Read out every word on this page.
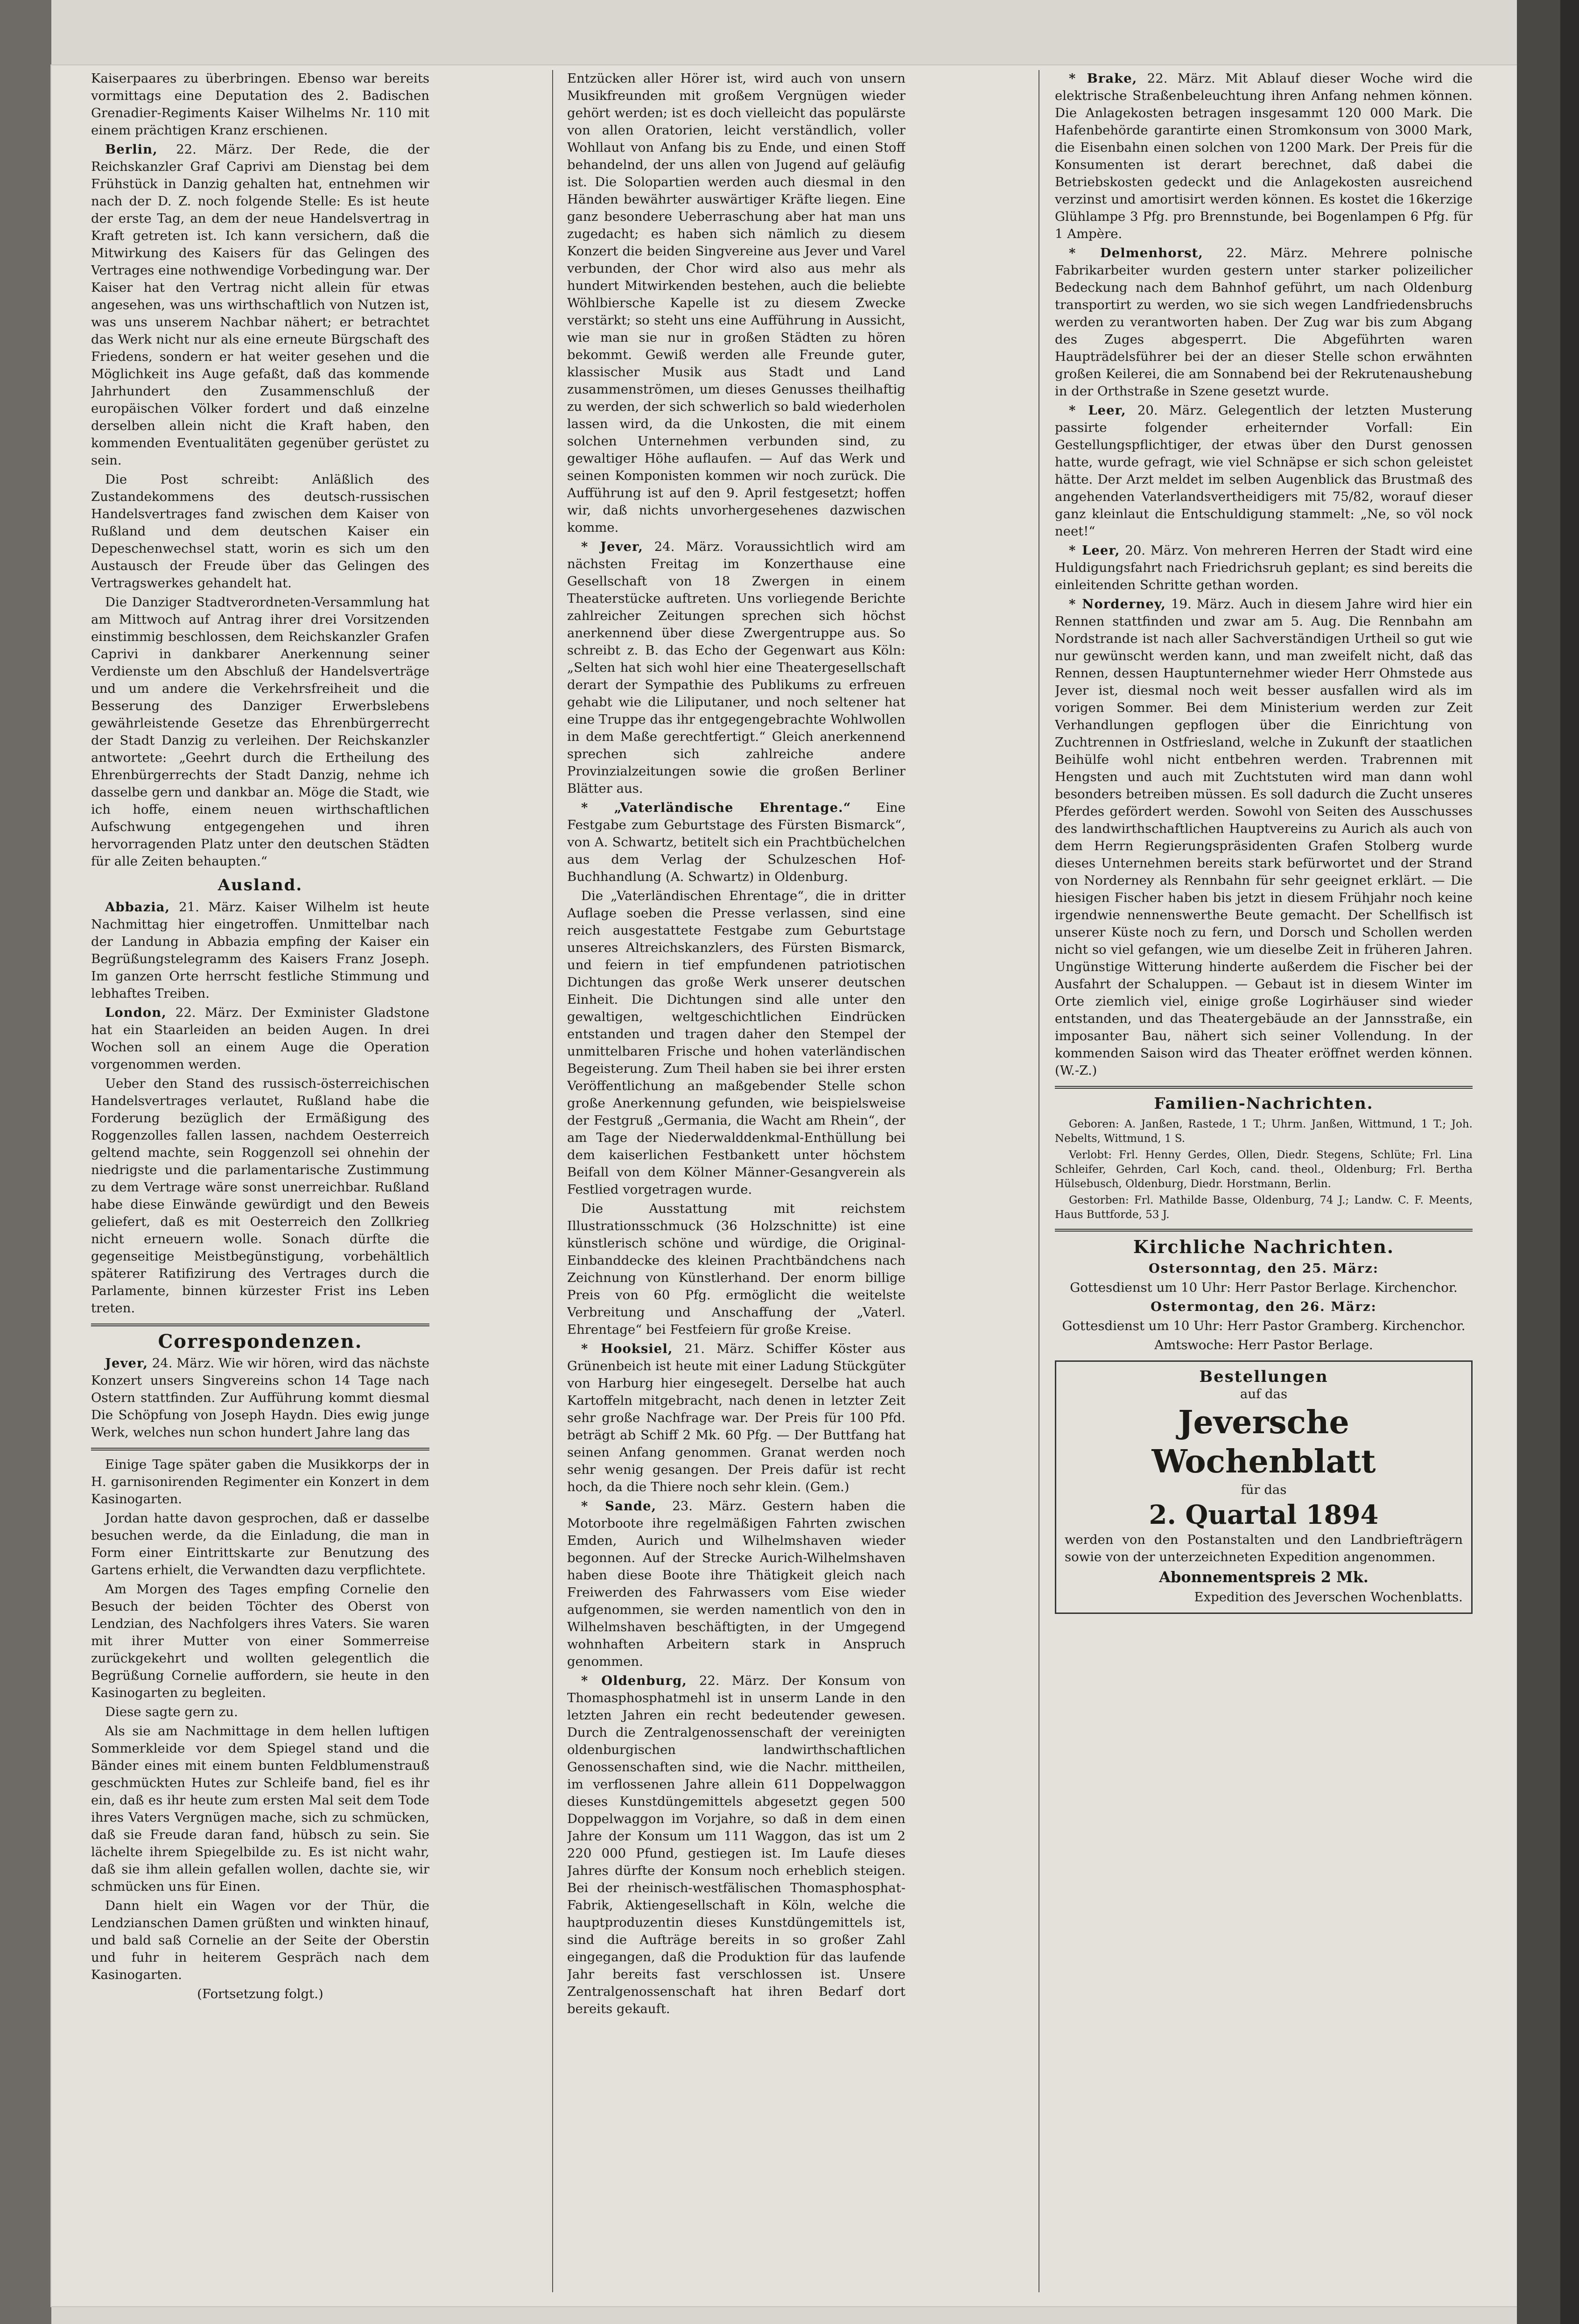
Kaiserpaares zu überbringen. Ebenso war bereits vormittags eine Deputation des 2. Badischen Grenadier-Regiments Kaiser Wilhelms Nr. 110 mit einem prächtigen Kranz erschienen.

Berlin, 22. März. Der Rede, die der Reichskanzler Graf Caprivi am Dienstag bei dem Frühstück in Danzig gehalten hat, entnehmen wir nach der D. Z. noch folgende Stelle: Es ist heute der erste Tag, an dem der neue Handelsvertrag in Kraft getreten ist. Ich kann versichern, daß die Mitwirkung des Kaisers für das Gelingen des Vertrages eine nothwendige Vorbedingung war. Der Kaiser hat den Vertrag nicht allein für etwas angesehen, was uns wirthschaftlich von Nutzen ist, was uns unserem Nachbar nähert; er betrachtet das Werk nicht nur als eine erneute Bürgschaft des Friedens, sondern er hat weiter gesehen und die Möglichkeit ins Auge gefaßt, daß das kommende Jahrhundert den Zusammenschluß der europäischen Völker fordert und daß einzelne derselben allein nicht die Kraft haben, den kommenden Eventualitäten gegenüber gerüstet zu sein.

Die Post schreibt: Anläßlich des Zustandekommens des deutsch-russischen Handelsvertrages fand zwischen dem Kaiser von Rußland und dem deutschen Kaiser ein Depeschenwechsel statt, worin es sich um den Austausch der Freude über das Gelingen des Vertragswerkes gehandelt hat.

Die Danziger Stadtverordneten-Versammlung hat am Mittwoch auf Antrag ihrer drei Vorsitzenden einstimmig beschlossen, dem Reichskanzler Grafen Caprivi in dankbarer Anerkennung seiner Verdienste um den Abschluß der Handelsverträge und um andere die Verkehrsfreiheit und die Besserung des Danziger Erwerbslebens gewährleistende Gesetze das Ehrenbürgerrecht der Stadt Danzig zu verleihen. Der Reichskanzler antwortete: „Geehrt durch die Ertheilung des Ehrenbürgerrechts der Stadt Danzig, nehme ich dasselbe gern und dankbar an. Möge die Stadt, wie ich hoffe, einem neuen wirthschaftlichen Aufschwung entgegengehen und ihren hervorragenden Platz unter den deutschen Städten für alle Zeiten behaupten.“

Ausland.

Abbazia, 21. März. Kaiser Wilhelm ist heute Nachmittag hier eingetroffen. Unmittelbar nach der Landung in Abbazia empfing der Kaiser ein Begrüßungstelegramm des Kaisers Franz Joseph. Im ganzen Orte herrscht festliche Stimmung und lebhaftes Treiben.

London, 22. März. Der Exminister Gladstone hat ein Staarleiden an beiden Augen. In drei Wochen soll an einem Auge die Operation vorgenommen werden.

Ueber den Stand des russisch-österreichischen Handelsvertrages verlautet, Rußland habe die Forderung bezüglich der Ermäßigung des Roggenzolles fallen lassen, nachdem Oesterreich geltend machte, sein Roggenzoll sei ohnehin der niedrigste und die parlamentarische Zustimmung zu dem Vertrage wäre sonst unerreichbar. Rußland habe diese Einwände gewürdigt und den Beweis geliefert, daß es mit Oesterreich den Zollkrieg nicht erneuern wolle. Sonach dürfte die gegenseitige Meistbegünstigung, vorbehältlich späterer Ratifizirung des Vertrages durch die Parlamente, binnen kürzester Frist ins Leben treten.

Correspondenzen.

Jever, 24. März. Wie wir hören, wird das nächste Konzert unsers Singvereins schon 14 Tage nach Ostern stattfinden. Zur Aufführung kommt diesmal Die Schöpfung von Joseph Haydn. Dies ewig junge Werk, welches nun schon hundert Jahre lang das

Einige Tage später gaben die Musikkorps der in H. garnisonirenden Regimenter ein Konzert in dem Kasinogarten.

Jordan hatte davon gesprochen, daß er dasselbe besuchen werde, da die Einladung, die man in Form einer Eintrittskarte zur Benutzung des Gartens erhielt, die Verwandten dazu verpflichtete.

Am Morgen des Tages empfing Cornelie den Besuch der beiden Töchter des Oberst von Lendzian, des Nachfolgers ihres Vaters. Sie waren mit ihrer Mutter von einer Sommerreise zurückgekehrt und wollten gelegentlich die Begrüßung Cornelie auffordern, sie heute in den Kasinogarten zu begleiten.

Diese sagte gern zu.

Als sie am Nachmittage in dem hellen luftigen Sommerkleide vor dem Spiegel stand und die Bänder eines mit einem bunten Feldblumenstrauß geschmückten Hutes zur Schleife band, fiel es ihr ein, daß es ihr heute zum ersten Mal seit dem Tode ihres Vaters Vergnügen mache, sich zu schmücken, daß sie Freude daran fand, hübsch zu sein. Sie lächelte ihrem Spiegelbilde zu. Es ist nicht wahr, daß sie ihm allein gefallen wollen, dachte sie, wir schmücken uns für Einen.

Dann hielt ein Wagen vor der Thür, die Lendzianschen Damen grüßten und winkten hinauf, und bald saß Cornelie an der Seite der Oberstin und fuhr in heiterem Gespräch nach dem Kasinogarten.

(Fortsetzung folgt.)

Entzücken aller Hörer ist, wird auch von unsern Musikfreunden mit großem Vergnügen wieder gehört werden; ist es doch vielleicht das populärste von allen Oratorien, leicht verständlich, voller Wohllaut von Anfang bis zu Ende, und einen Stoff behandelnd, der uns allen von Jugend auf geläufig ist. Die Solopartien werden auch diesmal in den Händen bewährter auswärtiger Kräfte liegen. Eine ganz besondere Ueberraschung aber hat man uns zugedacht; es haben sich nämlich zu diesem Konzert die beiden Singvereine aus Jever und Varel verbunden, der Chor wird also aus mehr als hundert Mitwirkenden bestehen, auch die beliebte Wöhlbiersche Kapelle ist zu diesem Zwecke verstärkt; so steht uns eine Aufführung in Aussicht, wie man sie nur in großen Städten zu hören bekommt. Gewiß werden alle Freunde guter, klassischer Musik aus Stadt und Land zusammenströmen, um dieses Genusses theilhaftig zu werden, der sich schwerlich so bald wiederholen lassen wird, da die Unkosten, die mit einem solchen Unternehmen verbunden sind, zu gewaltiger Höhe auflaufen. — Auf das Werk und seinen Komponisten kommen wir noch zurück. Die Aufführung ist auf den 9. April festgesetzt; hoffen wir, daß nichts unvorhergesehenes dazwischen komme.

* Jever, 24. März. Voraussichtlich wird am nächsten Freitag im Konzerthause eine Gesellschaft von 18 Zwergen in einem Theaterstücke auftreten. Uns vorliegende Berichte zahlreicher Zeitungen sprechen sich höchst anerkennend über diese Zwergentruppe aus. So schreibt z. B. das Echo der Gegenwart aus Köln: „Selten hat sich wohl hier eine Theatergesellschaft derart der Sympathie des Publikums zu erfreuen gehabt wie die Liliputaner, und noch seltener hat eine Truppe das ihr entgegengebrachte Wohlwollen in dem Maße gerechtfertigt.“ Gleich anerkennend sprechen sich zahlreiche andere Provinzialzeitungen sowie die großen Berliner Blätter aus.

* „Vaterländische Ehrentage.“ Eine Festgabe zum Geburtstage des Fürsten Bismarck“, von A. Schwartz, betitelt sich ein Prachtbüchelchen aus dem Verlag der Schulzeschen Hof-Buchhandlung (A. Schwartz) in Oldenburg.

Die „Vaterländischen Ehrentage“, die in dritter Auflage soeben die Presse verlassen, sind eine reich ausgestattete Festgabe zum Geburtstage unseres Altreichskanzlers, des Fürsten Bismarck, und feiern in tief empfundenen patriotischen Dichtungen das große Werk unserer deutschen Einheit. Die Dichtungen sind alle unter den gewaltigen, weltgeschichtlichen Eindrücken entstanden und tragen daher den Stempel der unmittelbaren Frische und hohen vaterländischen Begeisterung. Zum Theil haben sie bei ihrer ersten Veröffentlichung an maßgebender Stelle schon große Anerkennung gefunden, wie beispielsweise der Festgruß „Germania, die Wacht am Rhein“, der am Tage der Niederwalddenkmal-Enthüllung bei dem kaiserlichen Festbankett unter höchstem Beifall von dem Kölner Männer-Gesangverein als Festlied vorgetragen wurde.

Die Ausstattung mit reichstem Illustrationsschmuck (36 Holzschnitte) ist eine künstlerisch schöne und würdige, die Original-Einbanddecke des kleinen Prachtbändchens nach Zeichnung von Künstlerhand. Der enorm billige Preis von 60 Pfg. ermöglicht die weitelste Verbreitung und Anschaffung der „Vaterl. Ehrentage“ bei Festfeiern für große Kreise.

* Hooksiel, 21. März. Schiffer Köster aus Grünenbeich ist heute mit einer Ladung Stückgüter von Harburg hier eingesegelt. Derselbe hat auch Kartoffeln mitgebracht, nach denen in letzter Zeit sehr große Nachfrage war. Der Preis für 100 Pfd. beträgt ab Schiff 2 Mk. 60 Pfg. — Der Buttfang hat seinen Anfang genommen. Granat werden noch sehr wenig gesangen. Der Preis dafür ist recht hoch, da die Thiere noch sehr klein. (Gem.)

* Sande, 23. März. Gestern haben die Motorboote ihre regelmäßigen Fahrten zwischen Emden, Aurich und Wilhelmshaven wieder begonnen. Auf der Strecke Aurich-Wilhelmshaven haben diese Boote ihre Thätigkeit gleich nach Freiwerden des Fahrwassers vom Eise wieder aufgenommen, sie werden namentlich von den in Wilhelmshaven beschäftigten, in der Umgegend wohnhaften Arbeitern stark in Anspruch genommen.

* Oldenburg, 22. März. Der Konsum von Thomasphosphatmehl ist in unserm Lande in den letzten Jahren ein recht bedeutender gewesen. Durch die Zentralgenossenschaft der vereinigten oldenburgischen landwirthschaftlichen Genossenschaften sind, wie die Nachr. mittheilen, im verflossenen Jahre allein 611 Doppelwaggon dieses Kunstdüngemittels abgesetzt gegen 500 Doppelwaggon im Vorjahre, so daß in dem einen Jahre der Konsum um 111 Waggon, das ist um 2 220 000 Pfund, gestiegen ist. Im Laufe dieses Jahres dürfte der Konsum noch erheblich steigen. Bei der rheinisch-westfälischen Thomasphosphat-Fabrik, Aktiengesellschaft in Köln, welche die hauptproduzentin dieses Kunstdüngemittels ist, sind die Aufträge bereits in so großer Zahl eingegangen, daß die Produktion für das laufende Jahr bereits fast verschlossen ist. Unsere Zentralgenossenschaft hat ihren Bedarf dort bereits gekauft.

* Brake, 22. März. Mit Ablauf dieser Woche wird die elektrische Straßenbeleuchtung ihren Anfang nehmen können. Die Anlagekosten betragen insgesammt 120 000 Mark. Die Hafenbehörde garantirte einen Stromkonsum von 3000 Mark, die Eisenbahn einen solchen von 1200 Mark. Der Preis für die Konsumenten ist derart berechnet, daß dabei die Betriebskosten gedeckt und die Anlagekosten ausreichend verzinst und amortisirt werden können. Es kostet die 16kerzige Glühlampe 3 Pfg. pro Brennstunde, bei Bogenlampen 6 Pfg. für 1 Ampère.

* Delmenhorst, 22. März. Mehrere polnische Fabrikarbeiter wurden gestern unter starker polizeilicher Bedeckung nach dem Bahnhof geführt, um nach Oldenburg transportirt zu werden, wo sie sich wegen Landfriedensbruchs werden zu verantworten haben. Der Zug war bis zum Abgang des Zuges abgesperrt. Die Abgeführten waren Haupträdelsführer bei der an dieser Stelle schon erwähnten großen Keilerei, die am Sonnabend bei der Rekrutenaushebung in der Orthstraße in Szene gesetzt wurde.

* Leer, 20. März. Gelegentlich der letzten Musterung passirte folgender erheiternder Vorfall: Ein Gestellungspflichtiger, der etwas über den Durst genossen hatte, wurde gefragt, wie viel Schnäpse er sich schon geleistet hätte. Der Arzt meldet im selben Augenblick das Brustmaß des angehenden Vaterlandsvertheidigers mit 75/82, worauf dieser ganz kleinlaut die Entschuldigung stammelt: „Ne, so völ nock neet!“

* Leer, 20. März. Von mehreren Herren der Stadt wird eine Huldigungsfahrt nach Friedrichsruh geplant; es sind bereits die einleitenden Schritte gethan worden.

* Norderney, 19. März. Auch in diesem Jahre wird hier ein Rennen stattfinden und zwar am 5. Aug. Die Rennbahn am Nordstrande ist nach aller Sachverständigen Urtheil so gut wie nur gewünscht werden kann, und man zweifelt nicht, daß das Rennen, dessen Hauptunternehmer wieder Herr Ohmstede aus Jever ist, diesmal noch weit besser ausfallen wird als im vorigen Sommer. Bei dem Ministerium werden zur Zeit Verhandlungen gepflogen über die Einrichtung von Zuchtrennen in Ostfriesland, welche in Zukunft der staatlichen Beihülfe wohl nicht entbehren werden. Trabrennen mit Hengsten und auch mit Zuchtstuten wird man dann wohl besonders betreiben müssen. Es soll dadurch die Zucht unseres Pferdes gefördert werden. Sowohl von Seiten des Ausschusses des landwirthschaftlichen Hauptvereins zu Aurich als auch von dem Herrn Regierungspräsidenten Grafen Stolberg wurde dieses Unternehmen bereits stark befürwortet und der Strand von Norderney als Rennbahn für sehr geeignet erklärt. — Die hiesigen Fischer haben bis jetzt in diesem Frühjahr noch keine irgendwie nennenswerthe Beute gemacht. Der Schellfisch ist unserer Küste noch zu fern, und Dorsch und Schollen werden nicht so viel gefangen, wie um dieselbe Zeit in früheren Jahren. Ungünstige Witterung hinderte außerdem die Fischer bei der Ausfahrt der Schaluppen. — Gebaut ist in diesem Winter im Orte ziemlich viel, einige große Logirhäuser sind wieder entstanden, und das Theatergebäude an der Jannsstraße, ein imposanter Bau, nähert sich seiner Vollendung. In der kommenden Saison wird das Theater eröffnet werden können. (W.-Z.)

Familien-Nachrichten.

Geboren: A. Janßen, Rastede, 1 T.; Uhrm. Janßen, Wittmund, 1 T.; Joh. Nebelts, Wittmund, 1 S.

Verlobt: Frl. Henny Gerdes, Ollen, Diedr. Stegens, Schlüte; Frl. Lina Schleifer, Gehrden, Carl Koch, cand. theol., Oldenburg; Frl. Bertha Hülsebusch, Oldenburg, Diedr. Horstmann, Berlin.

Gestorben: Frl. Mathilde Basse, Oldenburg, 74 J.; Landw. C. F. Meents, Haus Buttforde, 53 J.

Kirchliche Nachrichten.

Ostersonntag, den 25. März:

Gottesdienst um 10 Uhr: Herr Pastor Berlage. Kirchenchor.

Ostermontag, den 26. März:

Gottesdienst um 10 Uhr: Herr Pastor Gramberg. Kirchenchor.

Amtswoche: Herr Pastor Berlage.

Bestellungen
auf das
Jeversche Wochenblatt
für das
2. Quartal 1894
werden von den Postanstalten und den Landbriefträgern sowie von der unterzeichneten Expedition angenommen.
Abonnementspreis 2 Mk.
Expedition des Jeverschen Wochenblatts.
